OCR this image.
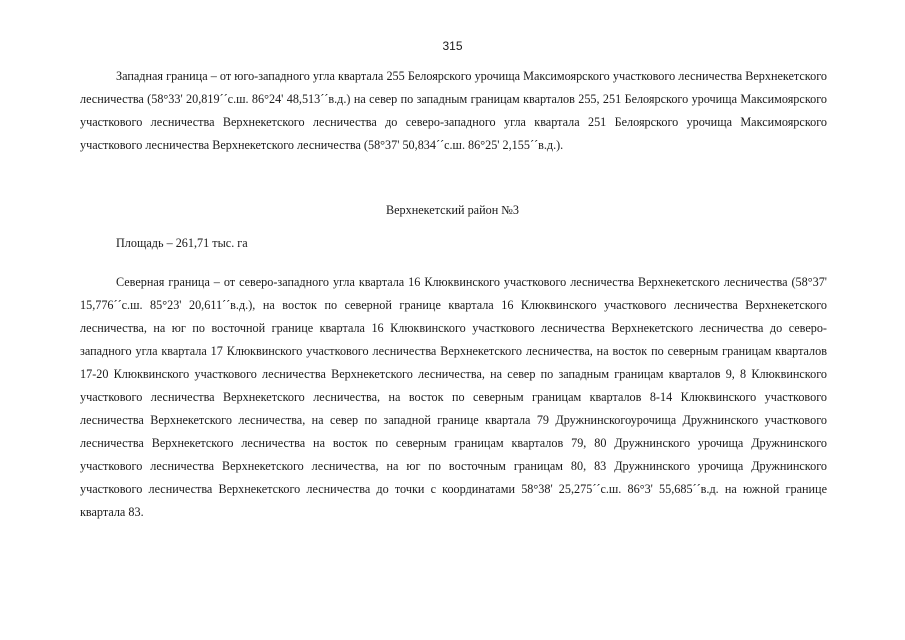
315

Западная граница – от юго-западного угла квартала 255 Белоярского урочища Максимоярского участкового лесничества Верхнекетского лесничества (58°33' 20,819´´с.ш. 86°24' 48,513´´в.д.) на север по западным границам кварталов 255, 251 Белоярского урочища Максимоярского участкового лесничества Верхнекетского лесничества до северо-западного угла квартала 251 Белоярского урочища Максимоярского участкового лесничества Верхнекетского лесничества (58°37' 50,834´´с.ш. 86°25' 2,155´´в.д.).

Верхнекетский район №3
Площадь – 261,71 тыс. га

Северная граница – от северо-западного угла квартала 16 Клюквинского участкового лесничества Верхнекетского лесничества (58°37' 15,776´´с.ш. 85°23' 20,611´´в.д.), на восток по северной границе квартала 16 Клюквинского участкового лесничества Верхнекетского лесничества, на юг по восточной границе квартала 16 Клюквинского участкового лесничества Верхнекетского лесничества до северо-западного угла квартала 17 Клюквинского участкового лесничества Верхнекетского лесничества, на восток по северным границам кварталов 17-20 Клюквинского участкового лесничества Верхнекетского лесничества, на север по западным границам кварталов 9, 8 Клюквинского участкового лесничества Верхнекетского лесничества, на восток по северным границам кварталов 8-14 Клюквинского участкового лесничества Верхнекетского лесничества, на север по западной границе квартала 79 Дружнинскогоурочища Дружнинского участкового лесничества Верхнекетского лесничества на восток по северным границам кварталов 79, 80 Дружнинского урочища Дружнинского участкового лесничества Верхнекетского лесничества, на юг по восточным границам 80, 83 Дружнинского урочища Дружнинского участкового лесничества Верхнекетского лесничества до точки с координатами 58°38' 25,275´´с.ш. 86°3' 55,685´´в.д. на южной границе квартала 83.
